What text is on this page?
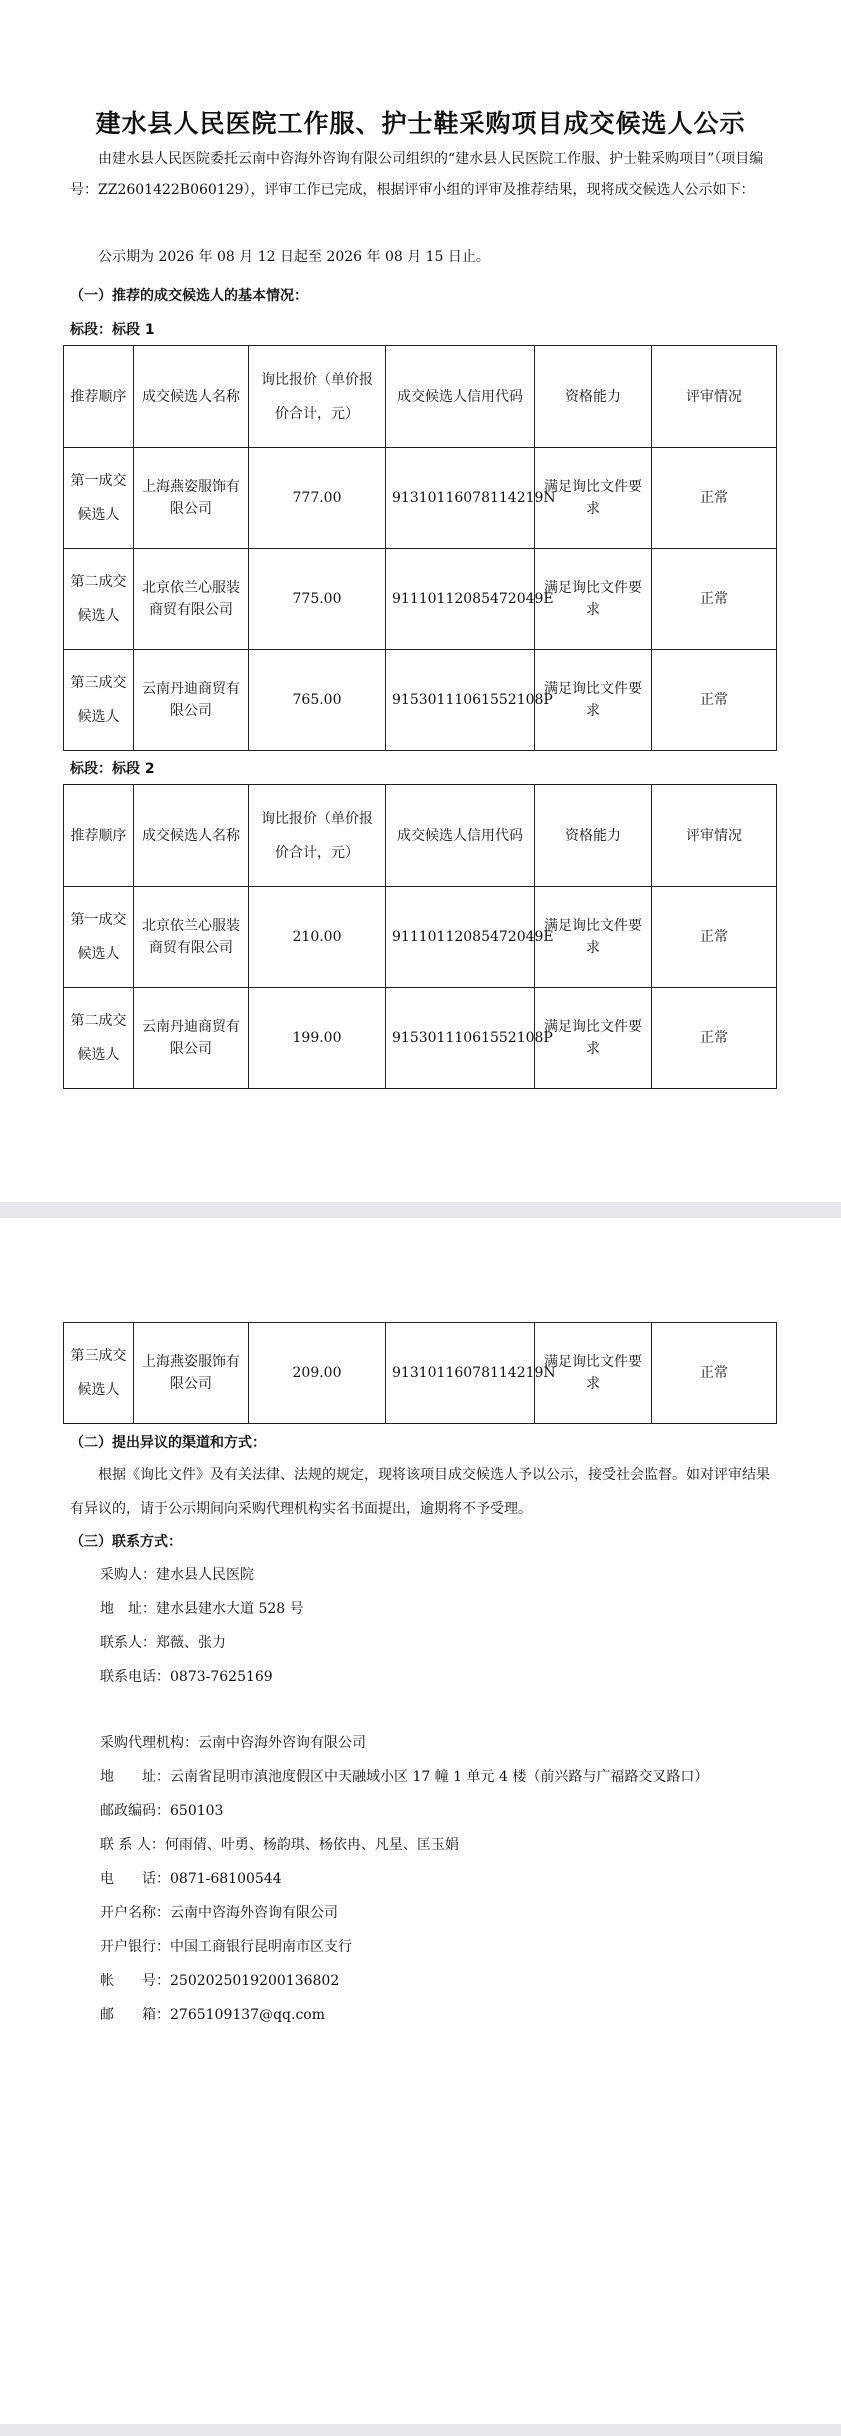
建水县人民医院工作服、护士鞋采购项目成交候选人公示
由建水县人民医院委托云南中咨海外咨询有限公司组织的“建水县人民医院工作服、护士鞋采购项目”（项目编号：ZZ2601422B060129），评审工作已完成，根据评审小组的评审及推荐结果，现将成交候选人公示如下：
公示期为 2026 年 08 月 12 日起至 2026 年 08 月 15 日止。
（一）推荐的成交候选人的基本情况：
标段：标段 1
推荐顺序	成交候选人名称	询比报价（单价报价合计，元）	成交候选人信用代码	资格能力	评审情况
第一成交候选人	上海燕姿服饰有限公司	777.00	91310116078114219N	满足询比文件要求	正常
第二成交候选人	北京依兰心服装商贸有限公司	775.00	91110112085472049E	满足询比文件要求	正常
第三成交候选人	云南丹迪商贸有限公司	765.00	91530111061552108P	满足询比文件要求	正常
标段：标段 2
推荐顺序	成交候选人名称	询比报价（单价报价合计，元）	成交候选人信用代码	资格能力	评审情况
第一成交候选人	北京依兰心服装商贸有限公司	210.00	91110112085472049E	满足询比文件要求	正常
第二成交候选人	云南丹迪商贸有限公司	199.00	91530111061552108P	满足询比文件要求	正常
第三成交候选人	上海燕姿服饰有限公司	209.00	91310116078114219N	满足询比文件要求	正常
（二）提出异议的渠道和方式：
根据《询比文件》及有关法律、法规的规定，现将该项目成交候选人予以公示，接受社会监督。如对评审结果有异议的，请于公示期间向采购代理机构实名书面提出，逾期将不予受理。
（三）联系方式：
采购人：建水县人民医院
地　址：建水县建水大道 528 号
联系人：郑薇、张力
联系电话：0873-7625169
采购代理机构：云南中咨海外咨询有限公司
地　　址：云南省昆明市滇池度假区中天融域小区 17 幢 1 单元 4 楼（前兴路与广福路交叉路口）
邮政编码：650103
联 系 人：何雨倩、叶勇、杨韵琪、杨依冉、凡星、匡玉娟
电　　话：0871-68100544
开户名称：云南中咨海外咨询有限公司
开户银行：中国工商银行昆明南市区支行
帐　　号：2502025019200136802
邮　　箱：2765109137@qq.com
